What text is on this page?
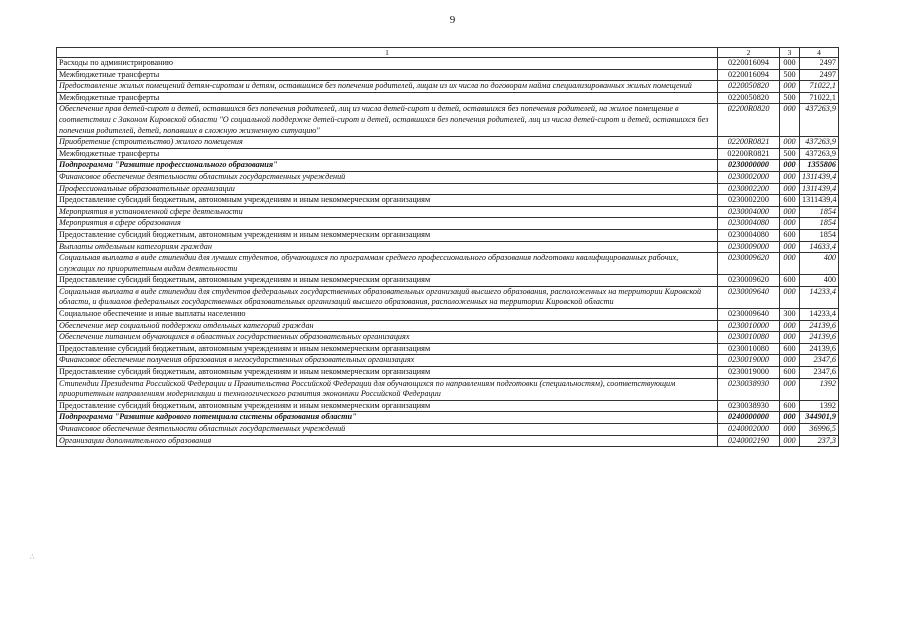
9
∴
1	2	3	4
Расходы по администрированию	0220016094	000	2497
Межбюджетные трансферты	0220016094	500	2497
Предоставление жилых помещений детям-сиротам и детям, оставшимся без попечения родителей, лицам из их числа по договорам найма специализированных жилых помещений	0220050820	000	71022,1
Межбюджетные трансферты	0220050820	500	71022,1
Обеспечение прав детей-сирот и детей, оставшихся без попечения родителей, лиц из числа детей-сирот и детей, оставшихся без попечения родителей, на жилое помещение в соответствии с Законом Кировской области "О социальной поддержке детей-сирот и детей, оставшихся без попечения родителей, лиц из числа детей-сирот и детей, оставшихся без попечения родителей, детей, попавших в сложную жизненную ситуацию"	02200R0820	000	437263,9
Приобретение (строительство) жилого помещения	02200R0821	000	437263,9
Межбюджетные трансферты	02200R0821	500	437263,9
Подпрограмма "Развитие профессионального образования"	0230000000	000	1355806
Финансовое обеспечение деятельности областных государственных учреждений	0230002000	000	1311439,4
Профессиональные образовательные организации	0230002200	000	1311439,4
Предоставление субсидий бюджетным, автономным учреждениям и иным некоммерческим организациям	0230002200	600	1311439,4
Мероприятия в установленной сфере деятельности	0230004000	000	1854
Мероприятия в сфере образования	0230004080	000	1854
Предоставление субсидий бюджетным, автономным учреждениям и иным некоммерческим организациям	0230004080	600	1854
Выплаты отдельным категориям граждан	0230009000	000	14633,4
Социальная выплата в виде стипендии для лучших студентов, обучающихся по программам среднего профессионального образования подготовки квалифицированных рабочих, служащих по приоритетным видам деятельности	0230009620	000	400
Предоставление субсидий бюджетным, автономным учреждениям и иным некоммерческим организациям	0230009620	600	400
Социальная выплата в виде стипендии для студентов федеральных государственных образовательных организаций высшего образования, расположенных на территории Кировской области, и филиалов федеральных государственных образовательных организаций высшего образования, расположенных на территории Кировской области	0230009640	000	14233,4
Социальное обеспечение и иные выплаты населению	0230009640	300	14233,4
Обеспечение мер социальной поддержки отдельных категорий граждан	0230010000	000	24139,6
Обеспечение питанием обучающихся в областных государственных образовательных организациях	0230010080	000	24139,6
Предоставление субсидий бюджетным, автономным учреждениям и иным некоммерческим организациям	0230010080	600	24139,6
Финансовое обеспечение получения образования в негосударственных образовательных организациях	0230019000	000	2347,6
Предоставление субсидий бюджетным, автономным учреждениям и иным некоммерческим организациям	0230019000	600	2347,6
Стипендии Президента Российской Федерации и Правительства Российской Федерации для обучающихся по направлениям подготовки (специальностям), соответствующим приоритетным направлениям модернизации и технологического развития экономики Российской Федерации	0230038930	000	1392
Предоставление субсидий бюджетным, автономным учреждениям и иным некоммерческим организациям	0230038930	600	1392
Подпрограмма "Развитие кадрового потенциала системы образования области"	0240000000	000	344901,9
Финансовое обеспечение деятельности областных государственных учреждений	0240002000	000	36996,5
Организации дополнительного образования	0240002190	000	237,3
